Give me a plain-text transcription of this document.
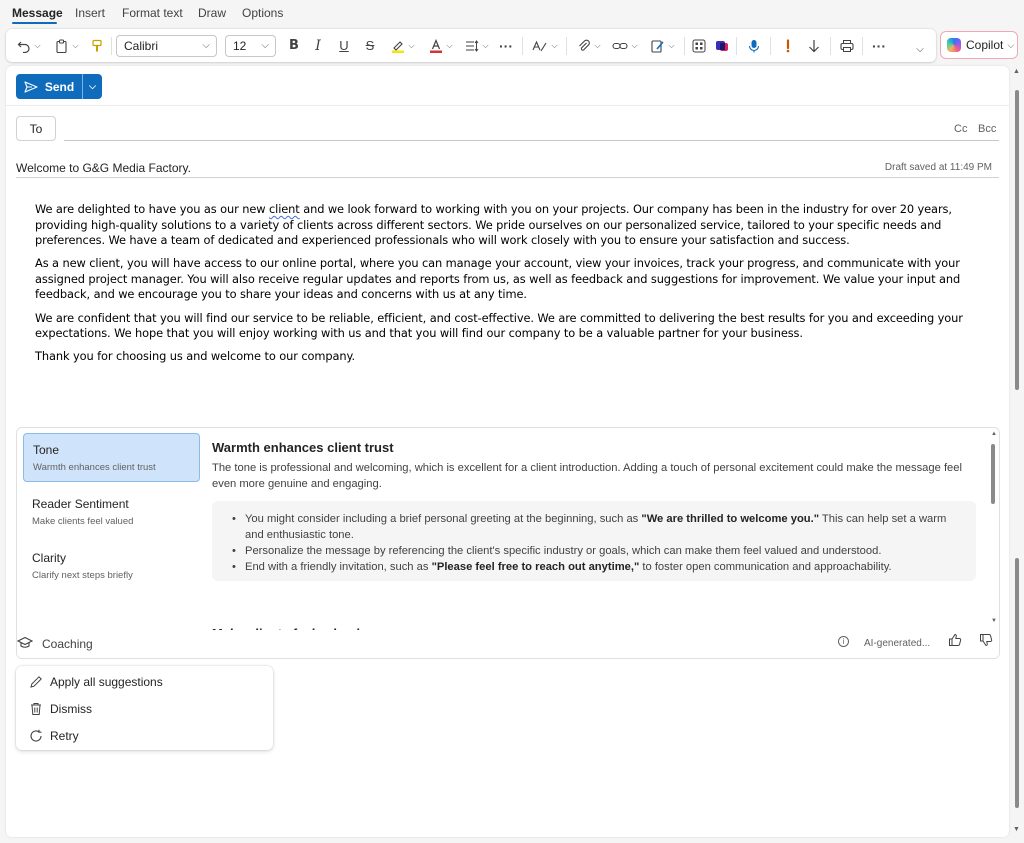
Message Insert Format text Draw Options
⌵	⌵	Calibri	⌵ 12 ⌵ B I U S	⌵	⌵	⌵ ···	⌵	⌵	⌵	⌵	···	⌵	Copilot ⌵
Send ⌵
To	Cc Bcc
Welcome to G&G Media Factory.	Draft saved at 11:49 PM

We are delighted to have you as our new client and we look forward to working with you on your projects. Our company has been in the industry for over 20 years, providing high-quality solutions to a variety of clients across different sectors. We pride ourselves on our personalized service, tailored to your specific needs and preferences. We have a team of dedicated and experienced professionals who will work closely with you to ensure your satisfaction and success.

As a new client, you will have access to our online portal, where you can manage your account, view your invoices, track your progress, and communicate with your assigned project manager. You will also receive regular updates and reports from us, as well as feedback and suggestions for improvement. We value your input and feedback, and we encourage you to share your ideas and concerns with us at any time.

We are confident that you will find our service to be reliable, efficient, and cost-effective. We are committed to delivering the best results for you and exceeding your expectations. We hope that you will enjoy working with us and that you will find our company to be a valuable partner for your business.

Thank you for choosing us and welcome to our company.

Tone
Warmth enhances client trust
Reader Sentiment
Make clients feel valued
Clarity
Clarify next steps briefly
Warmth enhances client trust
The tone is professional and welcoming, which is excellent for a client introduction. Adding a touch of personal excitement could make the message feel even more genuine and engaging.
• You might consider including a brief personal greeting at the beginning, such as "We are thrilled to welcome you." This can help set a warm and enthusiastic tone.
• Personalize the message by referencing the client's specific industry or goals, which can make them feel valued and understood.
• End with a friendly invitation, such as "Please feel free to reach out anytime," to foster open communication and approachability.
▲
▼
Coaching	i	AI-generated...
Apply all suggestions
Dismiss
Retry
▲
▼
